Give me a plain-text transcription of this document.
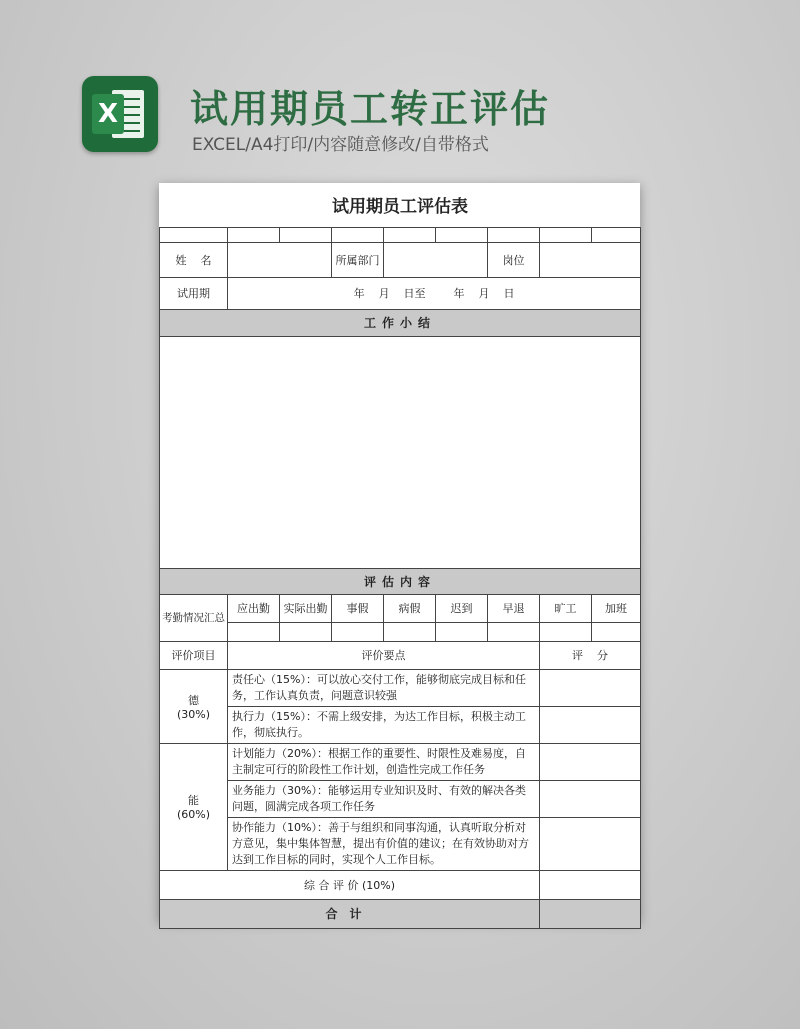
X 试用期员工转正评估
EXCEL/A4打印/内容随意修改/自带格式
试用期员工评估表								

姓    名			所属部门			岗位		
试用期	年    月    日至        年    月    日							
工作小结								

评估内容								
考勤情况汇总	应出勤	实际出勤	事假	病假	迟到	早退	旷工	加班

评价项目	评价要点						评    分	

德
(30%)	责任心（15%）：可以放心交付工作，能够彻底完成目标和任务，工作认真负责，问题意识较强							
	执行力（15%）：不需上级安排，为达工作目标，积极主动工作，彻底执行。							

能
(60%)	计划能力（20%）：根据工作的重要性、时限性及难易度，自主制定可行的阶段性工作计划，创造性完成工作任务							
	业务能力（30%）：能够运用专业知识及时、有效的解决各类问题，圆满完成各项工作任务							
	协作能力（10%）：善于与组织和同事沟通，认真听取分析对方意见，集中集体智慧，提出有价值的建议；在有效协助对方达到工作目标的同时，实现个人工作目标。							
综 合 评 价 (10%)								
合计								
